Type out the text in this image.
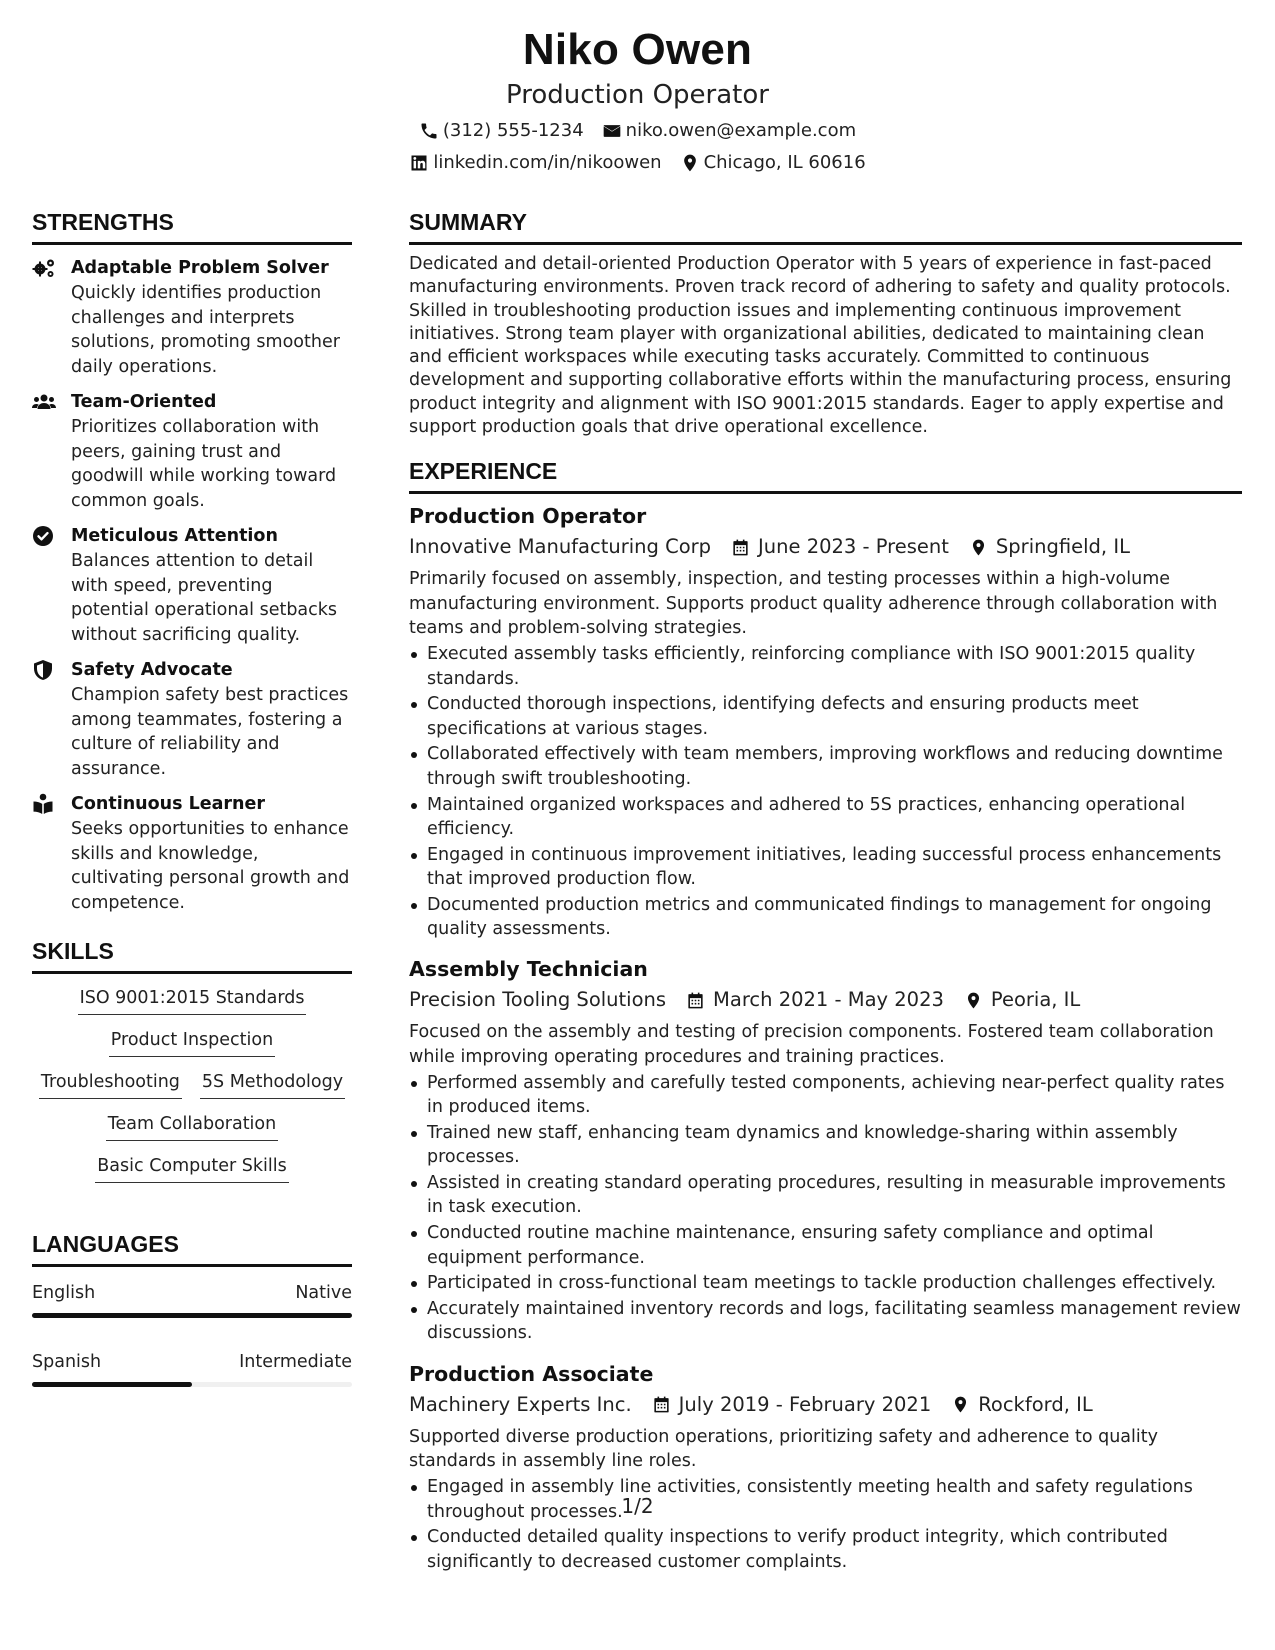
Niko Owen
Production Operator
(312) 555-1234 niko.owen@example.com
linkedin.com/in/nikoowen Chicago, IL 60616
STRENGTHS
Adaptable Problem Solver
Quickly identifies production challenges and interprets solutions, promoting smoother daily operations.
Team-Oriented
Prioritizes collaboration with peers, gaining trust and goodwill while working toward common goals.
Meticulous Attention
Balances attention to detail with speed, preventing potential operational setbacks without sacrificing quality.
Safety Advocate
Champion safety best practices among teammates, fostering a culture of reliability and assurance.
Continuous Learner
Seeks opportunities to enhance skills and knowledge, cultivating personal growth and competence.
SKILLS
ISO 9001:2015 Standards
Product Inspection
Troubleshooting 5S Methodology
Team Collaboration
Basic Computer Skills
LANGUAGES
English	Native
Spanish	Intermediate
SUMMARY
Dedicated and detail-oriented Production Operator with 5 years of experience in fast-paced manufacturing environments. Proven track record of adhering to safety and quality protocols. Skilled in troubleshooting production issues and implementing continuous improvement initiatives. Strong team player with organizational abilities, dedicated to maintaining clean and efficient workspaces while executing tasks accurately. Committed to continuous development and supporting collaborative efforts within the manufacturing process, ensuring product integrity and alignment with ISO 9001:2015 standards. Eager to apply expertise and support production goals that drive operational excellence.
EXPERIENCE
Production Operator
Innovative Manufacturing Corp June 2023 - Present Springfield, IL
Primarily focused on assembly, inspection, and testing processes within a high-volume manufacturing environment. Supports product quality adherence through collaboration with teams and problem-solving strategies.
Executed assembly tasks efficiently, reinforcing compliance with ISO 9001:2015 quality standards.
Conducted thorough inspections, identifying defects and ensuring products meet specifications at various stages.
Collaborated effectively with team members, improving workflows and reducing downtime through swift troubleshooting.
Maintained organized workspaces and adhered to 5S practices, enhancing operational efficiency.
Engaged in continuous improvement initiatives, leading successful process enhancements that improved production flow.
Documented production metrics and communicated findings to management for ongoing quality assessments.
Assembly Technician
Precision Tooling Solutions March 2021 - May 2023 Peoria, IL
Focused on the assembly and testing of precision components. Fostered team collaboration while improving operating procedures and training practices.
Performed assembly and carefully tested components, achieving near-perfect quality rates in produced items.
Trained new staff, enhancing team dynamics and knowledge-sharing within assembly processes.
Assisted in creating standard operating procedures, resulting in measurable improvements in task execution.
Conducted routine machine maintenance, ensuring safety compliance and optimal equipment performance.
Participated in cross-functional team meetings to tackle production challenges effectively.
Accurately maintained inventory records and logs, facilitating seamless management review discussions.
Production Associate
Machinery Experts Inc. July 2019 - February 2021 Rockford, IL
Supported diverse production operations, prioritizing safety and adherence to quality standards in assembly line roles.
Engaged in assembly line activities, consistently meeting health and safety regulations throughout processes.
Conducted detailed quality inspections to verify product integrity, which contributed significantly to decreased customer complaints.
1/2
